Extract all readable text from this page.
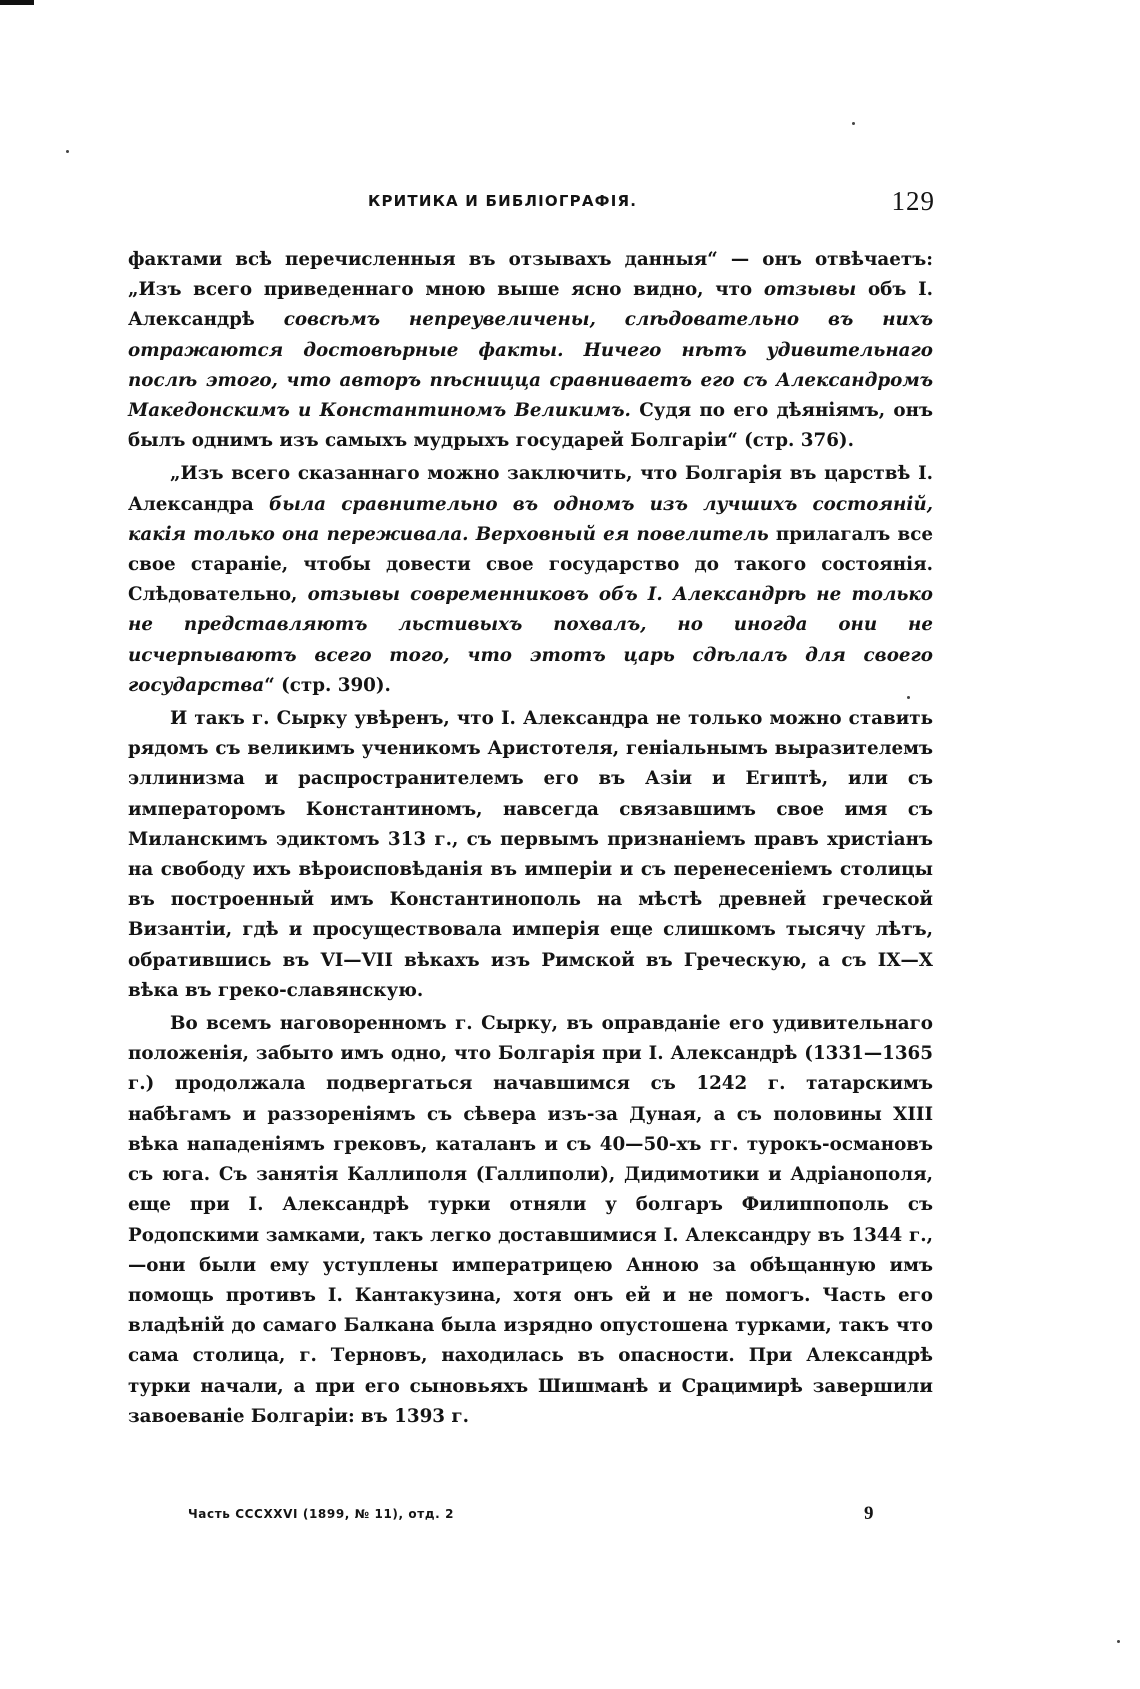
КРИТИКА И БИБЛІОГРАФІЯ.	129

фактами всѣ перечисленныя въ отзывахъ данныя“ — онъ отвѣчаетъ: „Изъ всего приведеннаго мною выше ясно видно, что отзывы объ I. Александрѣ совсѣмъ непреувеличены, слѣдовательно въ нихъ отражаются достовѣрные факты. Ничего нѣтъ удивительнаго послѣ этого, что авторъ пѣсницца сравниваетъ его съ Александромъ Македонскимъ и Константиномъ Великимъ. Судя по его дѣяніямъ, онъ былъ однимъ изъ самыхъ мудрыхъ государей Болгаріи“ (стр. 376).

„Изъ всего сказаннаго можно заключить, что Болгарія въ царствѣ I. Александра была сравнительно въ одномъ изъ лучшихъ состояній, какія только она переживала. Верховный ея повелитель прилагалъ все свое стараніе, чтобы довести свое государство до такого состоянія. Слѣдовательно, отзывы современниковъ объ I. Александрѣ не только не представляютъ льстивыхъ похвалъ, но иногда они не исчерпываютъ всего того, что этотъ царь сдѣлалъ для своего государства“ (стр. 390).

И такъ г. Сырку увѣренъ, что I. Александра не только можно ставить рядомъ съ великимъ ученикомъ Аристотеля, геніальнымъ выразителемъ эллинизма и распространителемъ его въ Азіи и Египтѣ, или съ императоромъ Константиномъ, навсегда связавшимъ свое имя съ Миланскимъ эдиктомъ 313 г., съ первымъ признаніемъ правъ христіанъ на свободу ихъ вѣроисповѣданія въ имперіи и съ перенесеніемъ столицы въ построенный имъ Константинополь на мѣстѣ древней греческой Византіи, гдѣ и просуществовала имперія еще слишкомъ тысячу лѣтъ, обратившись въ VI—VII вѣкахъ изъ Римской въ Греческую, а съ IX—X вѣка въ греко-славянскую.

Во всемъ наговоренномъ г. Сырку, въ оправданіе его удивительнаго положенія, забыто имъ одно, что Болгарія при I. Александрѣ (1331—1365 г.) продолжала подвергаться начавшимся съ 1242 г. татарскимъ набѣгамъ и раззореніямъ съ сѣвера изъ-за Дуная, а съ половины XIII вѣка нападеніямъ грековъ, каталанъ и съ 40—50-хъ гг. турокъ-османовъ съ юга. Съ занятія Каллиполя (Галлиполи), Дидимотики и Адріанополя, еще при I. Александрѣ турки отняли у болгаръ Филиппополь съ Родопскими замками, такъ легко доставшимися I. Александру въ 1344 г.,—они были ему уступлены императрицею Анною за обѣщанную имъ помощь противъ I. Кантакузина, хотя онъ ей и не помогъ. Часть его владѣній до самаго Балкана была изрядно опустошена турками, такъ что сама столица, г. Терновъ, находилась въ опасности. При Александрѣ турки начали, а при его сыновьяхъ Шишманѣ и Срацимирѣ завершили завоеваніе Болгаріи: въ 1393 г.

Часть CCCXXVI (1899, № 11), отд. 2	9
